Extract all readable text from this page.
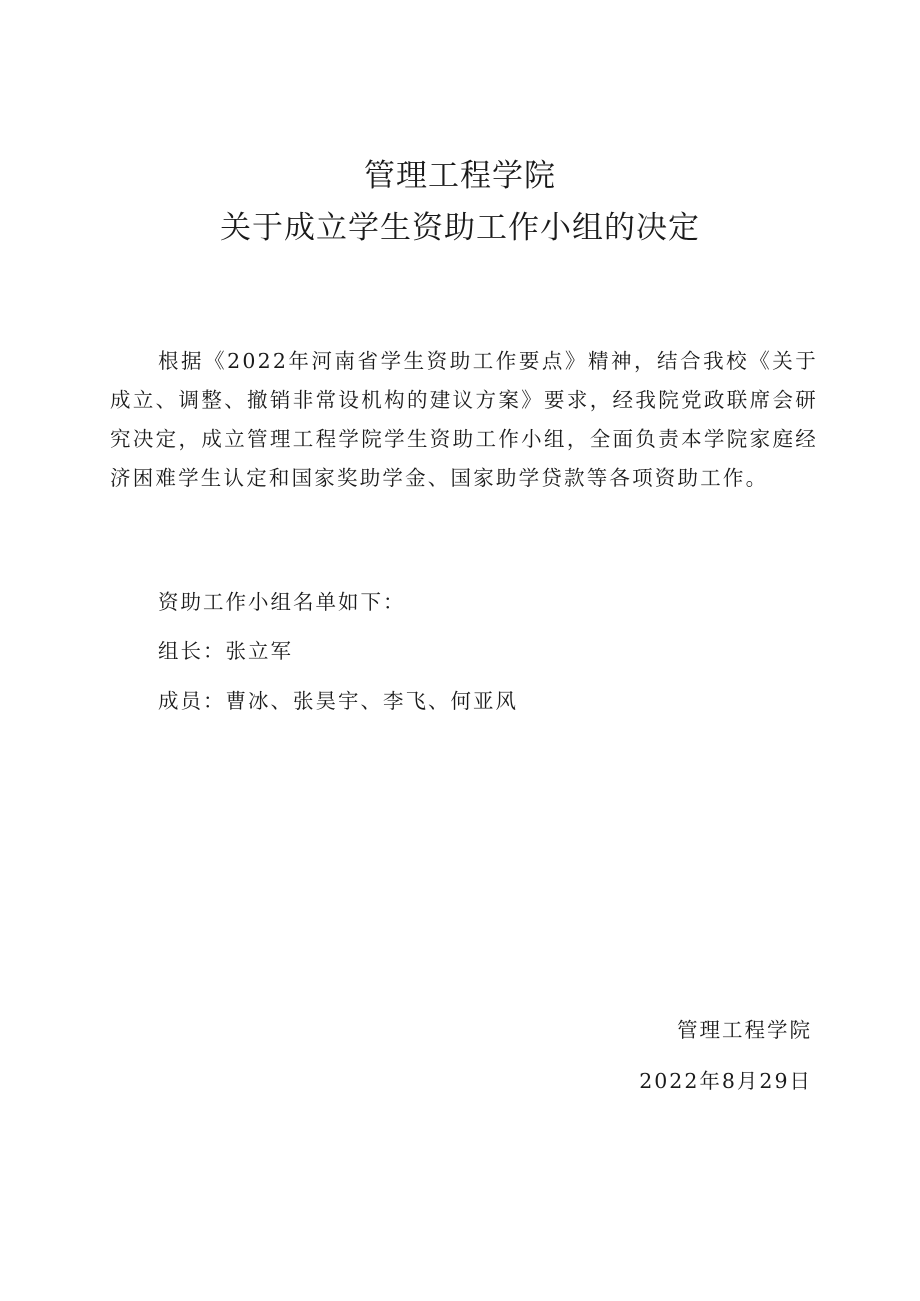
管理工程学院
关于成立学生资助工作小组的决定

根据《2022年河南省学生资助工作要点》精神，结合我校《关于成立、调整、撤销非常设机构的建议方案》要求，经我院党政联席会研究决定，成立管理工程学院学生资助工作小组，全面负责本学院家庭经济困难学生认定和国家奖助学金、国家助学贷款等各项资助工作。

资助工作小组名单如下：
组长：张立军
成员：曹冰、张昊宇、李飞、何亚风
管理工程学院
2022年8月29日
